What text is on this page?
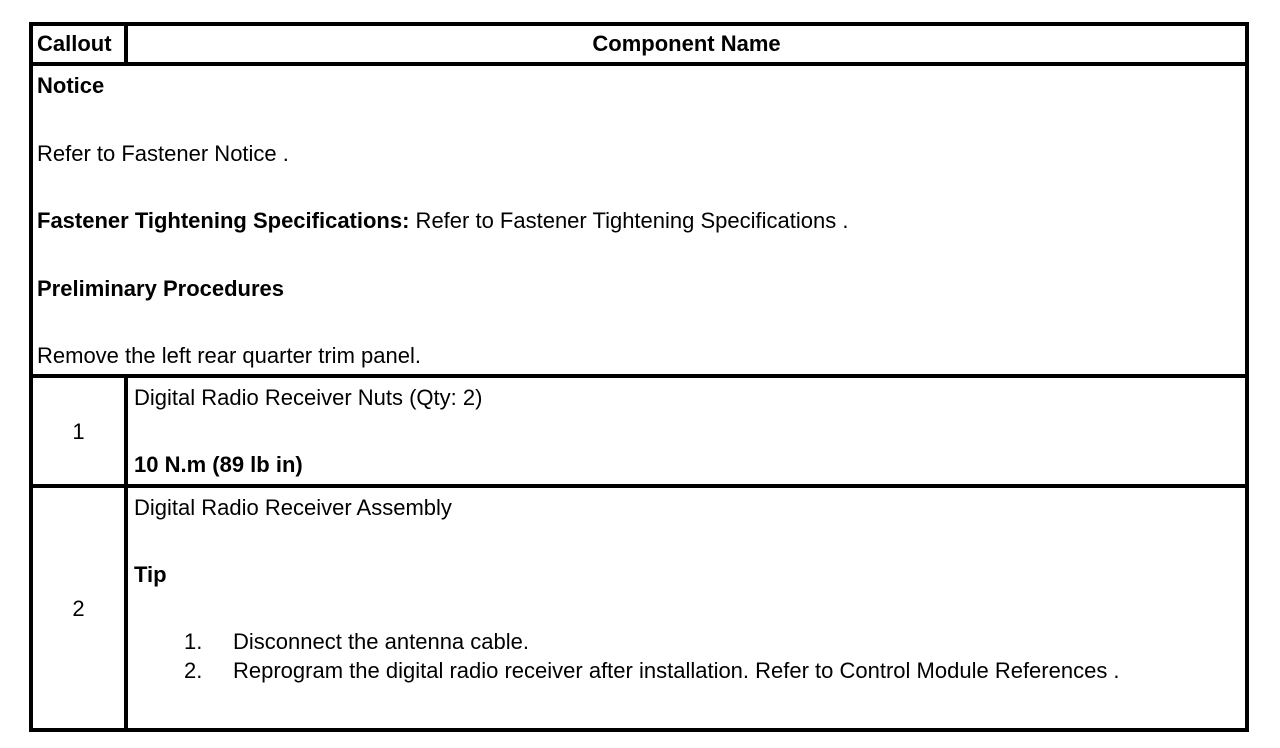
Callout	Component Name
Notice
Refer to Fastener Notice .
Fastener Tightening Specifications: Refer to Fastener Tightening Specifications .
Preliminary Procedures
Remove the left rear quarter trim panel.
1
Digital Radio Receiver Nuts (Qty: 2)
10 N.m (89 lb in)
2
Digital Radio Receiver Assembly
Tip
1. Disconnect the antenna cable.
2. Reprogram the digital radio receiver after installation. Refer to Control Module References .
